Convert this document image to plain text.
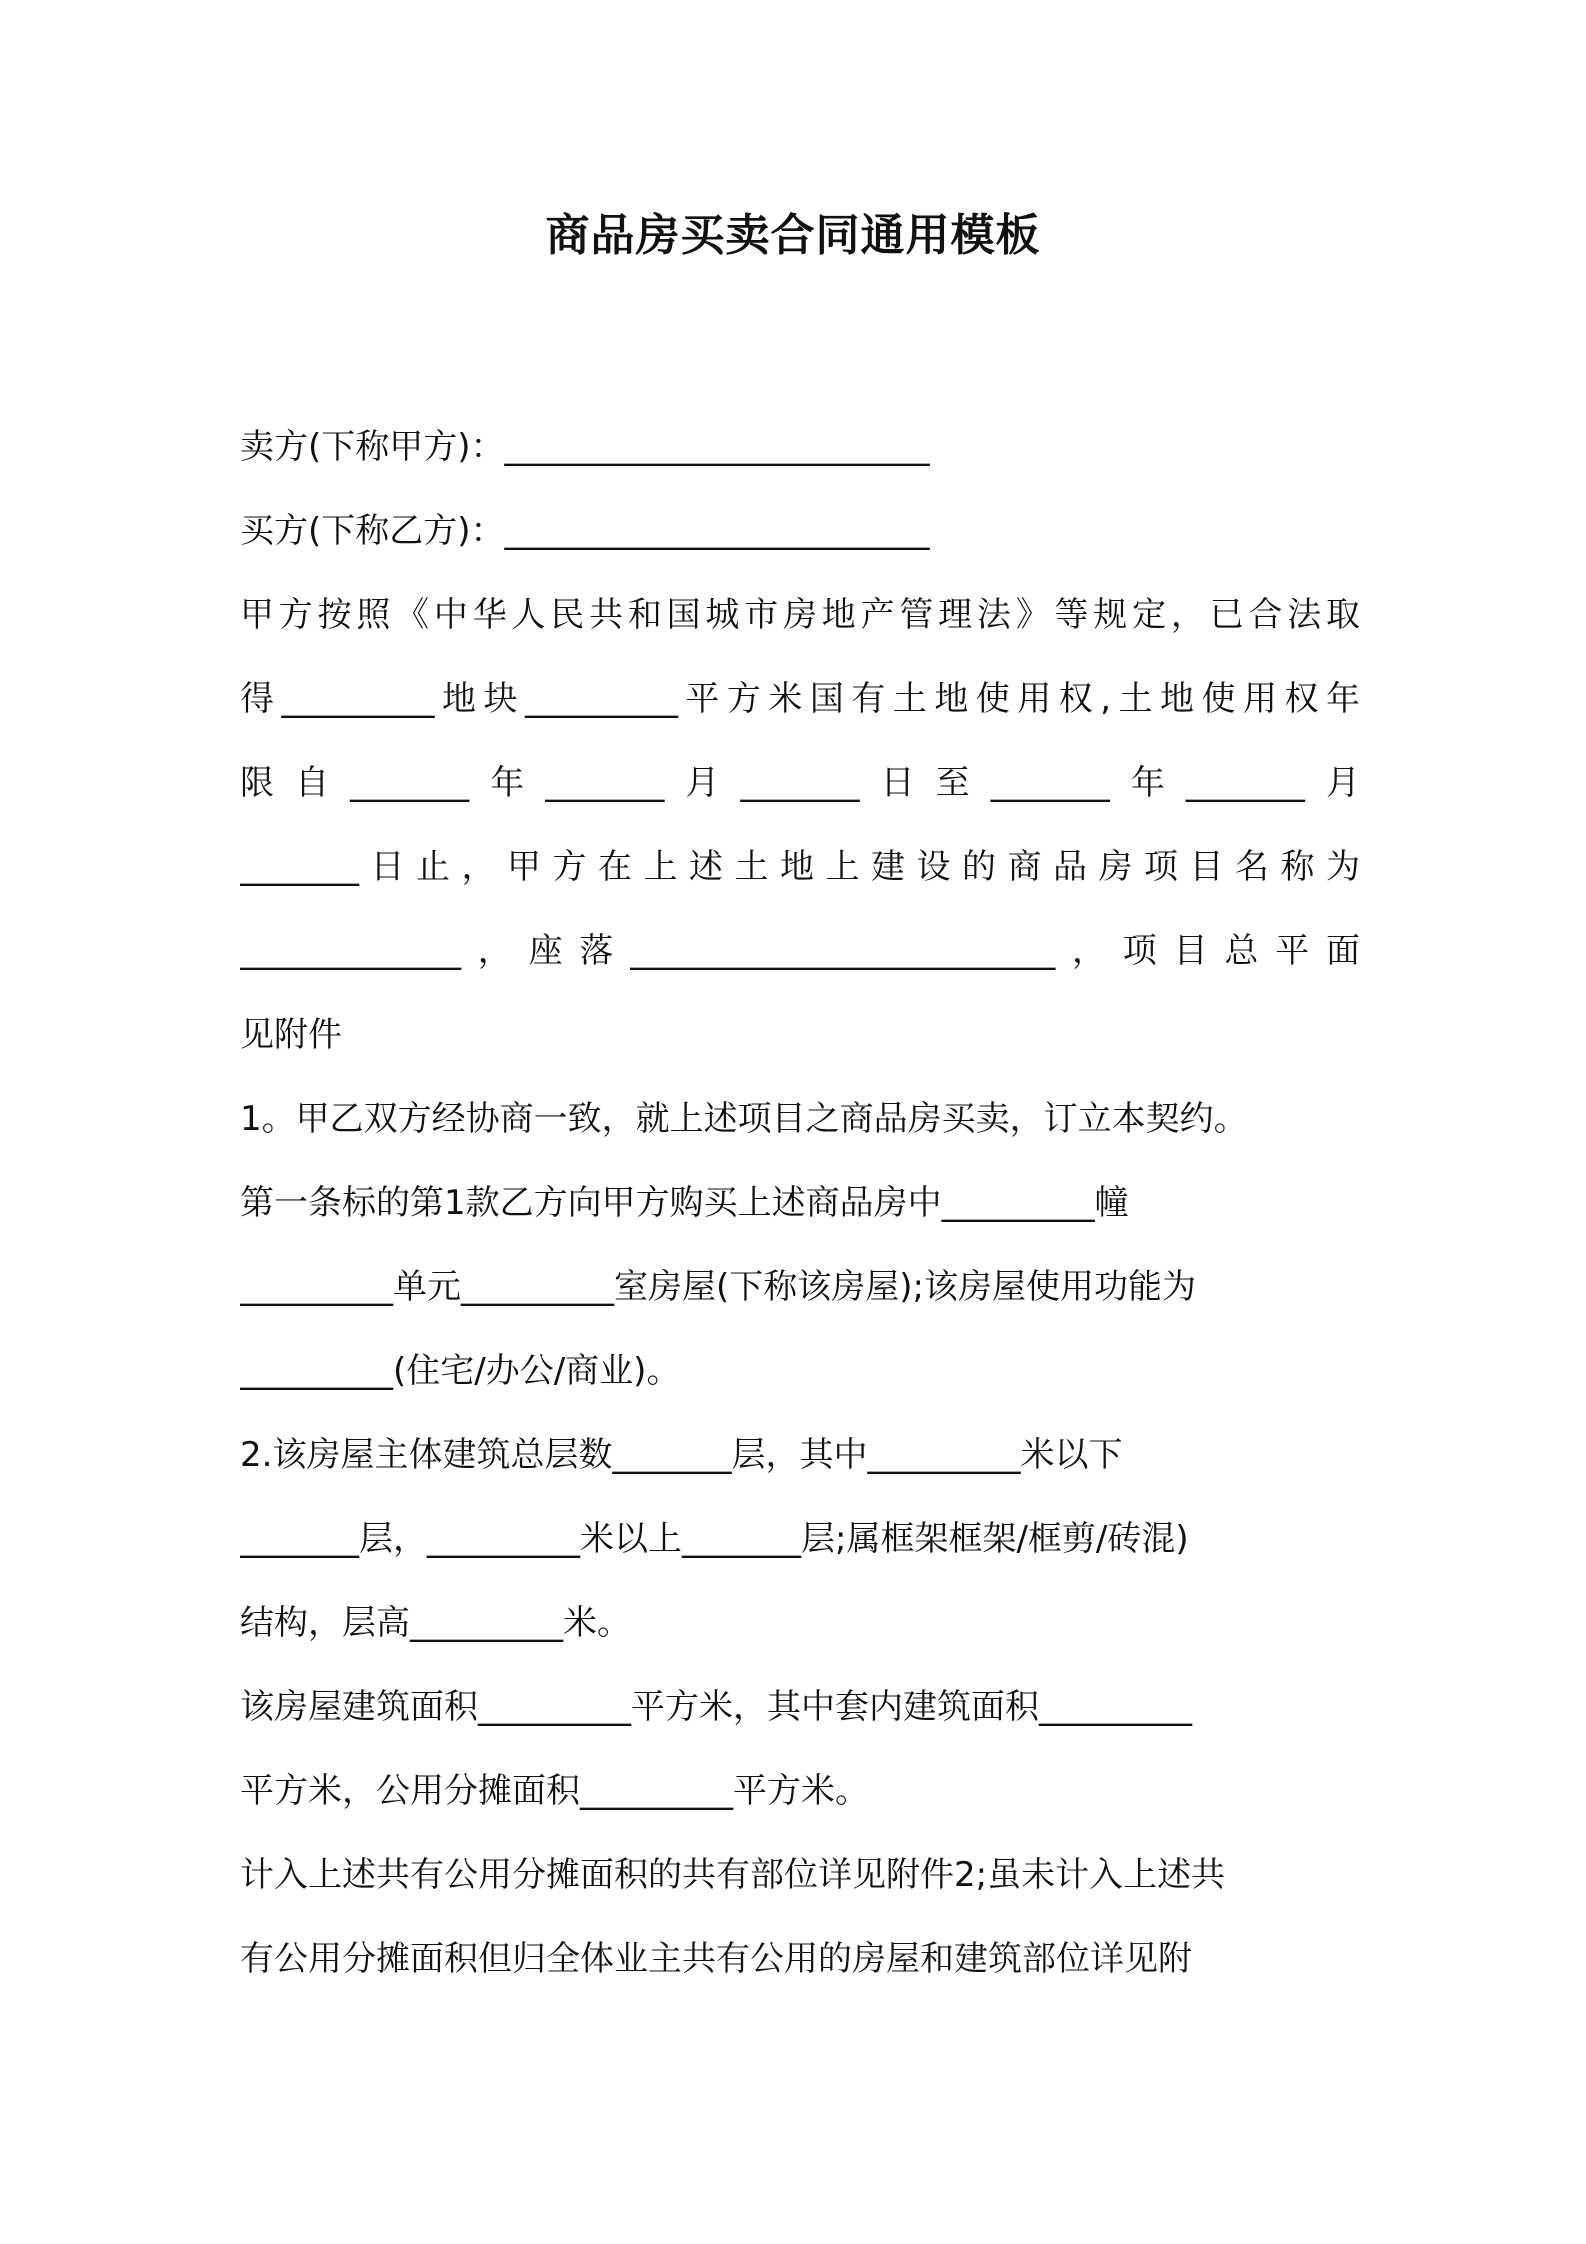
商品房买卖合同通用模板
卖方(下称甲方)：_________________________
买方(下称乙方)：_________________________
甲方按照《中华人民共和国城市房地产管理法》等规定，已合法取
得_________地块_________平方米国有土地使用权,土地使用权年
限自_______年_______月_______日至_______年_______月
_______日止，甲方在上述土地上建设的商品房项目名称为
_____________，座落_________________________，项目总平面
见附件
1。甲乙双方经协商一致，就上述项目之商品房买卖，订立本契约。
第一条标的第1款乙方向甲方购买上述商品房中_________幢
_________单元_________室房屋(下称该房屋);该房屋使用功能为
_________(住宅/办公/商业)。
2.该房屋主体建筑总层数_______层，其中_________米以下
_______层，_________米以上_______层;属框架框架/框剪/砖混)
结构，层高_________米。
该房屋建筑面积_________平方米，其中套内建筑面积_________
平方米，公用分摊面积_________平方米。
计入上述共有公用分摊面积的共有部位详见附件2;虽未计入上述共
有公用分摊面积但归全体业主共有公用的房屋和建筑部位详见附
